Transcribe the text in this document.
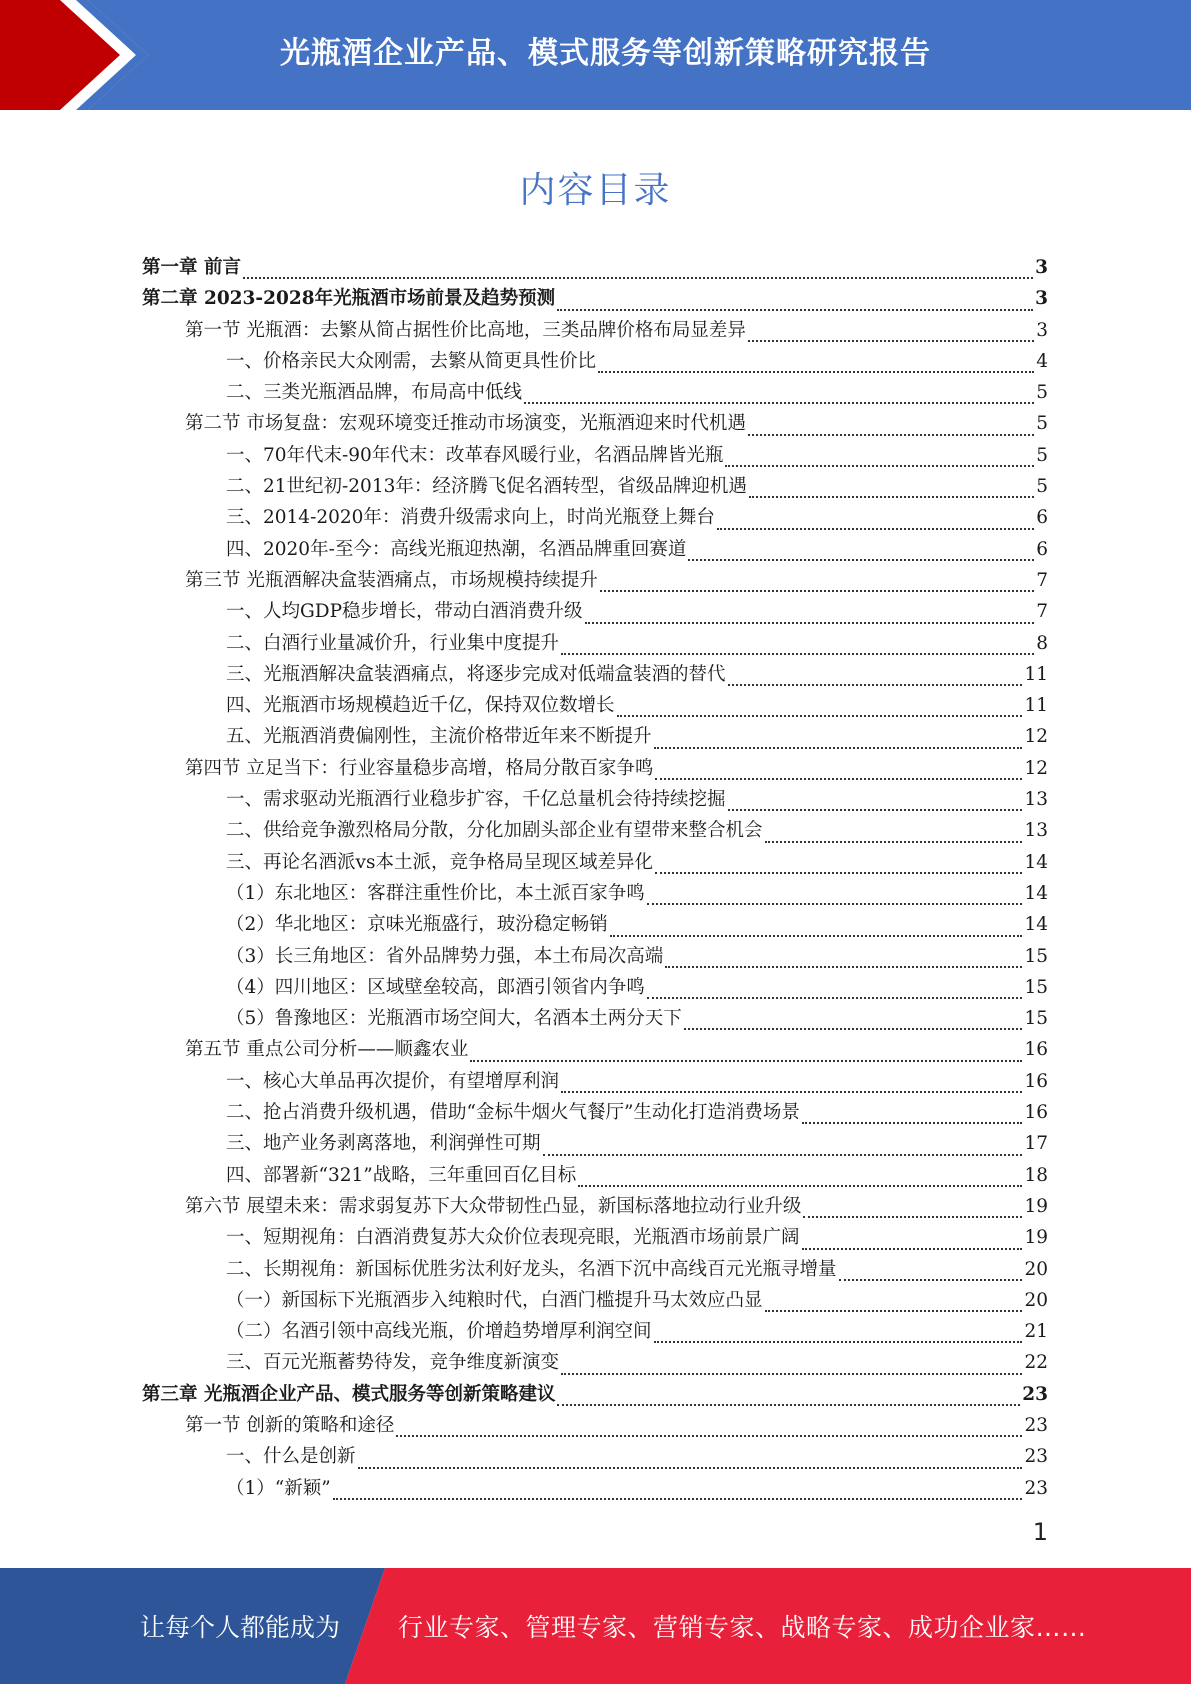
光瓶酒企业产品、模式服务等创新策略研究报告
内容目录
第一章 前言	3
第二章 2023-2028年光瓶酒市场前景及趋势预测	3
第一节 光瓶酒：去繁从简占据性价比高地，三类品牌价格布局显差异	3
一、价格亲民大众刚需，去繁从简更具性价比	4
二、三类光瓶酒品牌，布局高中低线	5
第二节 市场复盘：宏观环境变迁推动市场演变，光瓶酒迎来时代机遇	5
一、70年代末-90年代末：改革春风暖行业，名酒品牌皆光瓶	5
二、21世纪初-2013年：经济腾飞促名酒转型，省级品牌迎机遇	5
三、2014-2020年：消费升级需求向上，时尚光瓶登上舞台	6
四、2020年-至今：高线光瓶迎热潮，名酒品牌重回赛道	6
第三节 光瓶酒解决盒装酒痛点，市场规模持续提升	7
一、人均GDP稳步增长，带动白酒消费升级	7
二、白酒行业量减价升，行业集中度提升	8
三、光瓶酒解决盒装酒痛点，将逐步完成对低端盒装酒的替代	11
四、光瓶酒市场规模趋近千亿，保持双位数增长	11
五、光瓶酒消费偏刚性，主流价格带近年来不断提升	12
第四节 立足当下：行业容量稳步高增，格局分散百家争鸣	12
一、需求驱动光瓶酒行业稳步扩容，千亿总量机会待持续挖掘	13
二、供给竞争激烈格局分散，分化加剧头部企业有望带来整合机会	13
三、再论名酒派vs本土派，竞争格局呈现区域差异化	14
（1）东北地区：客群注重性价比，本土派百家争鸣	14
（2）华北地区：京味光瓶盛行，玻汾稳定畅销	14
（3）长三角地区：省外品牌势力强，本土布局次高端	15
（4）四川地区：区域壁垒较高，郎酒引领省内争鸣	15
（5）鲁豫地区：光瓶酒市场空间大，名酒本土两分天下	15
第五节 重点公司分析——顺鑫农业	16
一、核心大单品再次提价，有望增厚利润	16
二、抢占消费升级机遇，借助“金标牛烟火气餐厅”生动化打造消费场景	16
三、地产业务剥离落地，利润弹性可期	17
四、部署新“321”战略，三年重回百亿目标	18
第六节 展望未来：需求弱复苏下大众带韧性凸显，新国标落地拉动行业升级	19
一、短期视角：白酒消费复苏大众价位表现亮眼，光瓶酒市场前景广阔	19
二、长期视角：新国标优胜劣汰利好龙头，名酒下沉中高线百元光瓶寻增量	20
（一）新国标下光瓶酒步入纯粮时代，白酒门槛提升马太效应凸显	20
（二）名酒引领中高线光瓶，价增趋势增厚利润空间	21
三、百元光瓶蓄势待发，竞争维度新演变	22
第三章 光瓶酒企业产品、模式服务等创新策略建议	23
第一节 创新的策略和途径	23
一、什么是创新	23
（1）“新颖”	23
1
让每个人都能成为 行业专家、管理专家、营销专家、战略专家、成功企业家……
